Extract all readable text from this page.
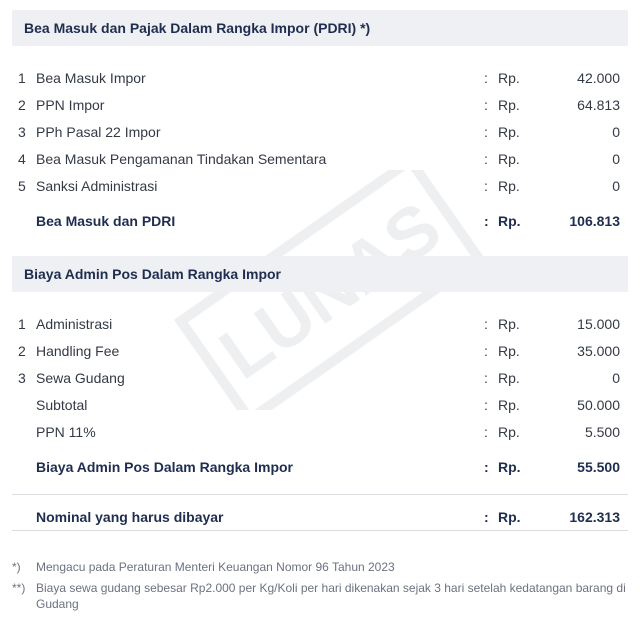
Bea Masuk dan Pajak Dalam Rangka Impor (PDRI) *)
1 Bea Masuk Impor	: Rp.	42.000
2 PPN Impor	: Rp.	64.813
3 PPh Pasal 22 Impor	: Rp.	0
4 Bea Masuk Pengamanan Tindakan Sementara	: Rp.	0
5 Sanksi Administrasi	: Rp.	0
Bea Masuk dan PDRI	: Rp.	106.813
Biaya Admin Pos Dalam Rangka Impor
1 Administrasi	: Rp.	15.000
2 Handling Fee	: Rp.	35.000
3 Sewa Gudang	: Rp.	0
Subtotal	: Rp.	50.000
PPN 11%	: Rp.	5.500
Biaya Admin Pos Dalam Rangka Impor	: Rp.	55.500
Nominal yang harus dibayar	: Rp.	162.313
*)	Mengacu pada Peraturan Menteri Keuangan Nomor 96 Tahun 2023
**) Biaya sewa gudang sebesar Rp2.000 per Kg/Koli per hari dikenakan sejak 3 hari setelah kedatangan barang di Gudang
